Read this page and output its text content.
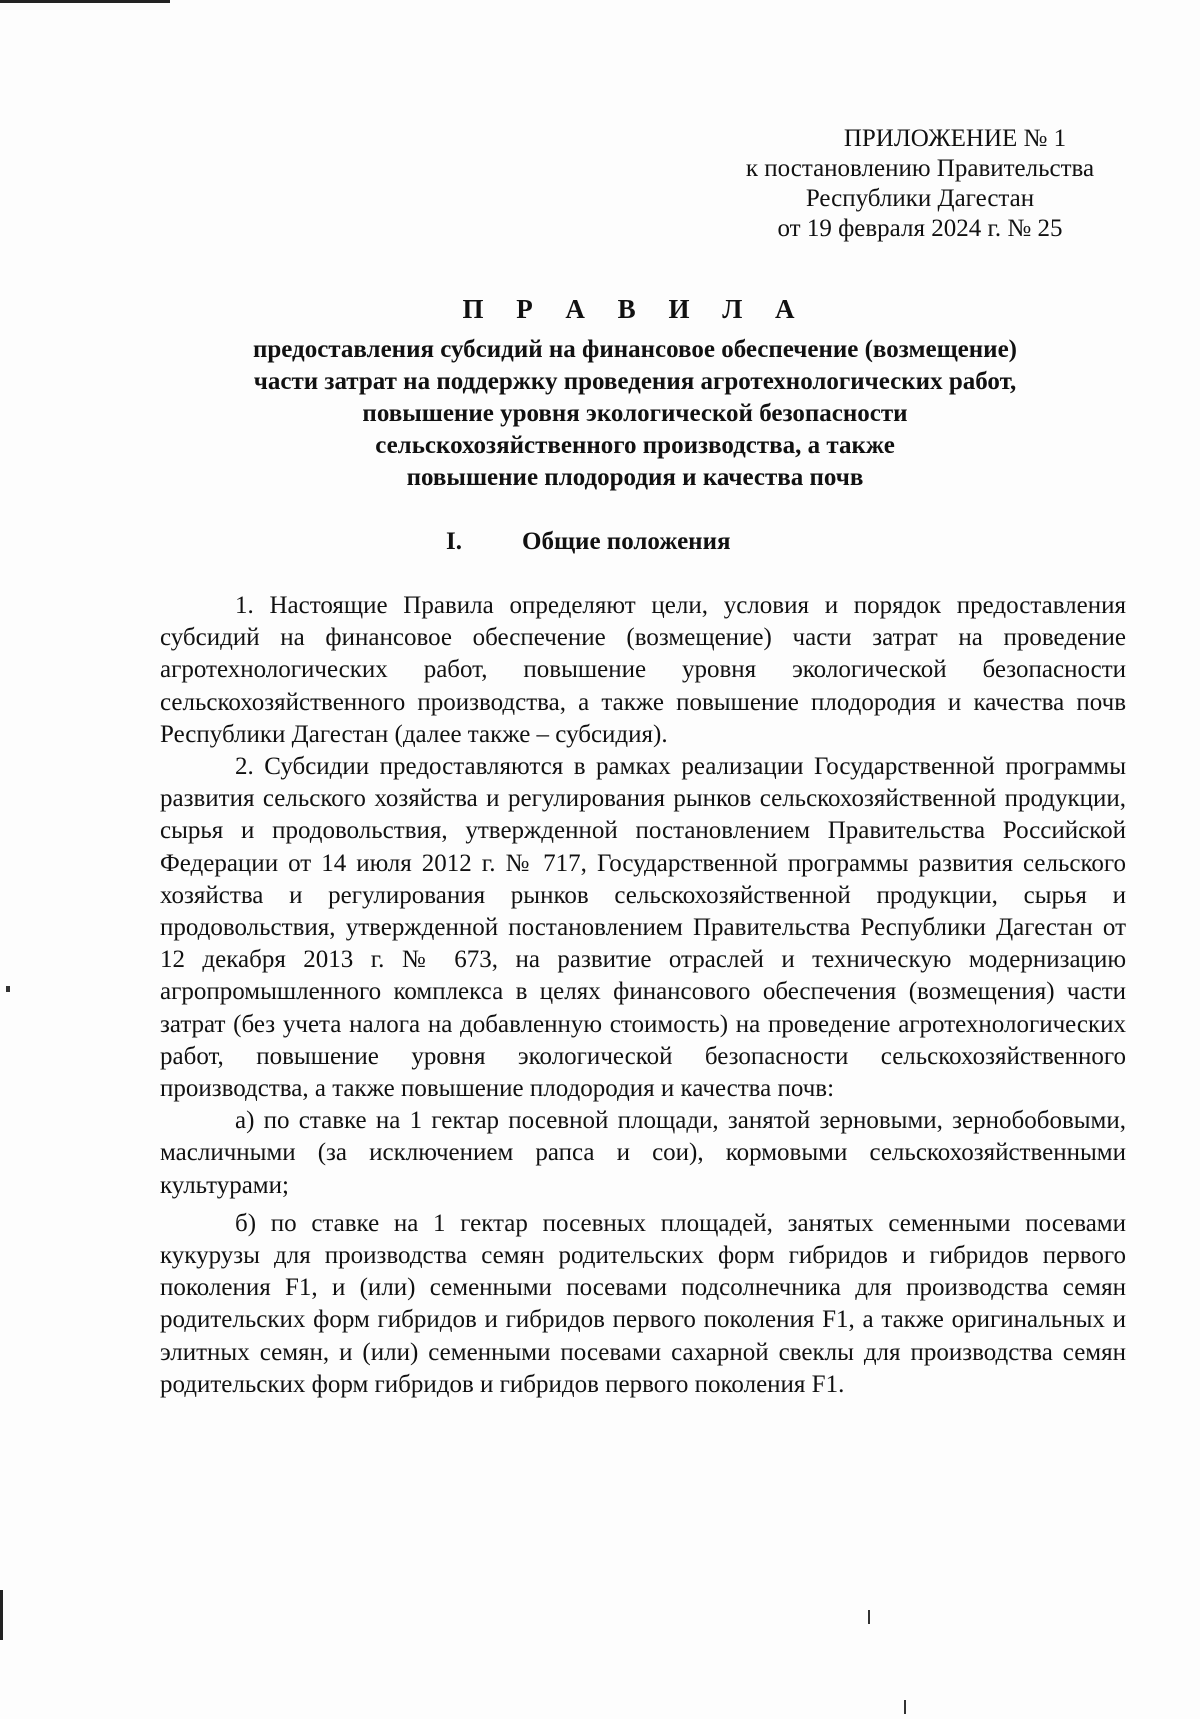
ПРИЛОЖЕНИЕ № 1
к постановлению Правительства
Республики Дагестан
от 19 февраля 2024 г. № 25
П Р А В И Л А
предоставления субсидий на финансовое обеспечение (возмещение)
части затрат на поддержку проведения агротехнологических работ,
повышение уровня экологической безопасности
сельскохозяйственного производства, а также
повышение плодородия и качества почв
I. Общие положения

1. Настоящие Правила определяют цели, условия и порядок предоставления субсидий на финансовое обеспечение (возмещение) части затрат на проведение агротехнологических работ, повышение уровня экологической безопасности сельскохозяйственного производства, а также повышение плодородия и качества почв Республики Дагестан (далее также – субсидия).

2. Субсидии предоставляются в рамках реализации Государственной программы развития сельского хозяйства и регулирования рынков сельскохозяйственной продукции, сырья и продовольствия, утвержденной постановлением Правительства Российской Федерации от 14 июля 2012 г. № 717, Государственной программы развития сельского хозяйства и регулирования рынков сельскохозяйственной продукции, сырья и продовольствия, утвержденной постановлением Правительства Республики Дагестан от 12 декабря 2013 г. № 673, на развитие отраслей и техническую модернизацию агропромышленного комплекса в целях финансового обеспечения (возмещения) части затрат (без учета налога на добавленную стоимость) на проведение агротехнологических работ, повышение уровня экологической безопасности сельскохозяйственного производства, а также повышение плодородия и качества почв:

а) по ставке на 1 гектар посевной площади, занятой зерновыми, зернобобовыми, масличными (за исключением рапса и сои), кормовыми сельскохозяйственными культурами;

б) по ставке на 1 гектар посевных площадей, занятых семенными посевами кукурузы для производства семян родительских форм гибридов и гибридов первого поколения F1, и (или) семенными посевами подсолнечника для производства семян родительских форм гибридов и гибридов первого поколения F1, а также оригинальных и элитных семян, и (или) семенными посевами сахарной свеклы для производства семян родительских форм гибридов и гибридов первого поколения F1.
